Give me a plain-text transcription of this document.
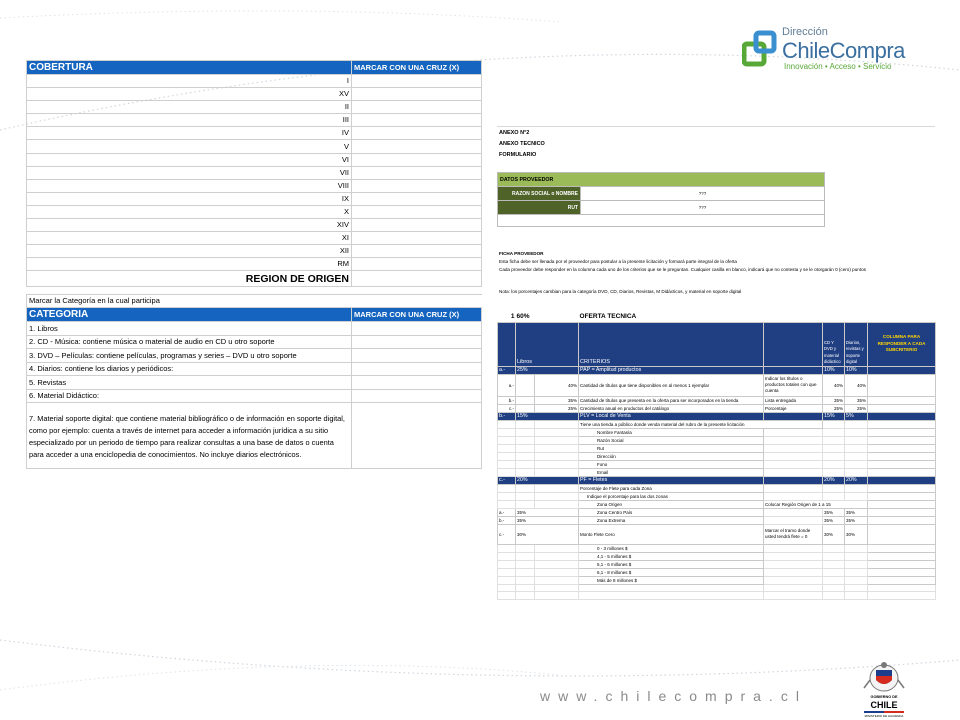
Dirección
ChileCompra
Innovación • Acceso • Servicio
COBERTURA	MARCAR CON UNA CRUZ (X)
I	
XV	
II	
III	
IV	
V	
VI	
VII	
VIII	
IX	
X	
XIV	
XI	
XII	
RM	
REGION DE ORIGEN	

Marcar la Categoría en la cual participa	
CATEGORIA	MARCAR CON UNA CRUZ (X)
1. Libros	
2. CD - Música: contiene música o material de audio en CD u otro soporte	
3. DVD – Películas: contiene películas, programas y series – DVD u otro soporte	
4. Diarios: contiene los diarios y periódicos:	
5. Revistas	
6. Material Didáctico:	
7. Material soporte digital: que contiene material bibliográfico o de información en soporte digital, como por ejemplo: cuenta a través de internet para acceder a información jurídica a su sitio especializado por un periodo de tiempo para realizar consultas a una base de datos o cuenta para acceder a una enciclopedia de conocimientos. No incluye diarios electrónicos.	
ANEXO N°2
ANEXO TECNICO
FORMULARIO
DATOS PROVEEDOR	
RAZON SOCIAL o NOMBRE	???
RUT	???

FICHA PROVEEDOR
Esta ficha debe ser llenada por el proveedor para postular a la presente licitación y formará parte integral de la oferta
Cada proveedor debe responder en la columna cada uno de los criterios que se le preguntan. Cualquier casilla en blanco, indicará que no contesta y se le otorgarán 0 (cero) puntos
Nota: los porcentajes cambian para la categoría DVD, CD, Diarios, Revistas, M Didácticos, y material en soporte digital
1	60%		OFERTA TECNICA				
	Libros		CRITERIOS		CD Y DVD y material didáctico	Diarios, revistas y soporte digital	COLUMNA PARA RESPONDER A CADA SUBCRITERIO
a.-	25%		PAP = Amplitud productos		10%	10%	
a.-		40%	Cantidad de títulos que tiene disponibles en al menos 1 ejemplar	Indicar los títulos o productos totales con que cuenta	40%	40%	
b.-		35%	Cantidad de títulos que presenta en la oferta para ser incorporados en la tienda	Lista entregada	35%	35%	
c.-		25%	Crecimiento anual en productos del catálogo	Porcentaje	25%	25%	
b.-	15%		PLV = Local de Venta		15%	5%	
			Tiene una tienda a público donde venda material del rubro de la presente licitación				
			Nombre Fantasía				
			Razón Social				
			Rut				
			Dirección				
			Fono				
			Email				
c.-	20%		PF = Fletes		20%	20%	
			Porcentaje de Flete para cada Zona				
			Indique el porcentaje para las dos zonas				
			Zona Origen	Colocar Región Origen de 1 a 15			
a.-	35%		Zona Centro País		35%	35%	
b.-	35%		Zona Extrema		35%	35%	
c.-	30%		Monto Flete Cero	Marcar el tramo donde usted tendrá flete = 0	30%	30%	
			0 - 3 millones $				
			4,1 - 5 millones $				
			5,1 - 6 millones $				
			6,1 - 8 millones $				
			Más de 8 millones $				

www.chilecompra.cl	GOBIERNO DE
CHILE
MINISTERIO DE HACIENDA
